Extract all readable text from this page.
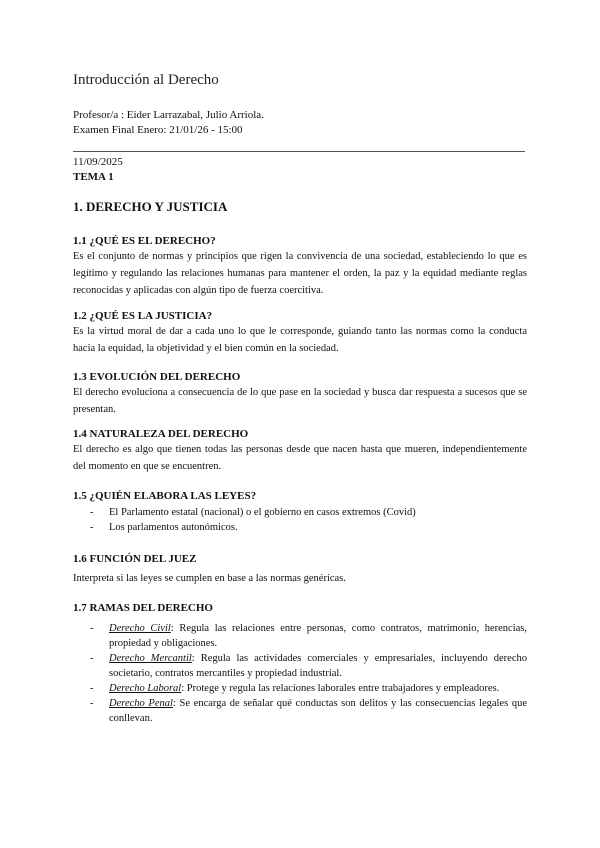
Introducción al Derecho

Profesor/a : Eider Larrazabal, Julio Arriola.

Examen Final Enero: 21/01/26 - 15:00

11/09/2025

TEMA 1

1. DERECHO Y JUSTICIA
1.1 ¿QUÉ ES EL DERECHO?

Es el conjunto de normas y principios que rigen la convivencia de una sociedad, estableciendo lo que es legítimo y regulando las relaciones humanas para mantener el orden, la paz y la equidad mediante reglas reconocidas y aplicadas con algún tipo de fuerza coercitiva.

1.2 ¿QUÉ ES LA JUSTICIA?

Es la virtud moral de dar a cada uno lo que le corresponde, guiando tanto las normas como la conducta hacia la equidad, la objetividad y el bien común en la sociedad.

1.3 EVOLUCIÓN DEL DERECHO

El derecho evoluciona a consecuencia de lo que pase en la sociedad y busca dar respuesta a sucesos que se presentan.

1.4 NATURALEZA DEL DERECHO

El derecho es algo que tienen todas las personas desde que nacen hasta que mueren, independientemente del momento en que se encuentren.

1.5 ¿QUIÉN ELABORA LAS LEYES?
- El Parlamento estatal (nacional) o el gobierno en casos extremos (Covid)
- Los parlamentos autonómicos.
1.6 FUNCIÓN DEL JUEZ

Interpreta si las leyes se cumplen en base a las normas genéricas.

1.7 RAMAS DEL DERECHO
- Derecho Civil: Regula las relaciones entre personas, como contratos, matrimonio, herencias, propiedad y obligaciones.
- Derecho Mercantil: Regula las actividades comerciales y empresariales, incluyendo derecho societario, contratos mercantiles y propiedad industrial.
- Derecho Laboral: Protege y regula las relaciones laborales entre trabajadores y empleadores.
- Derecho Penal: Se encarga de señalar qué conductas son delitos y las consecuencias legales que conllevan.
